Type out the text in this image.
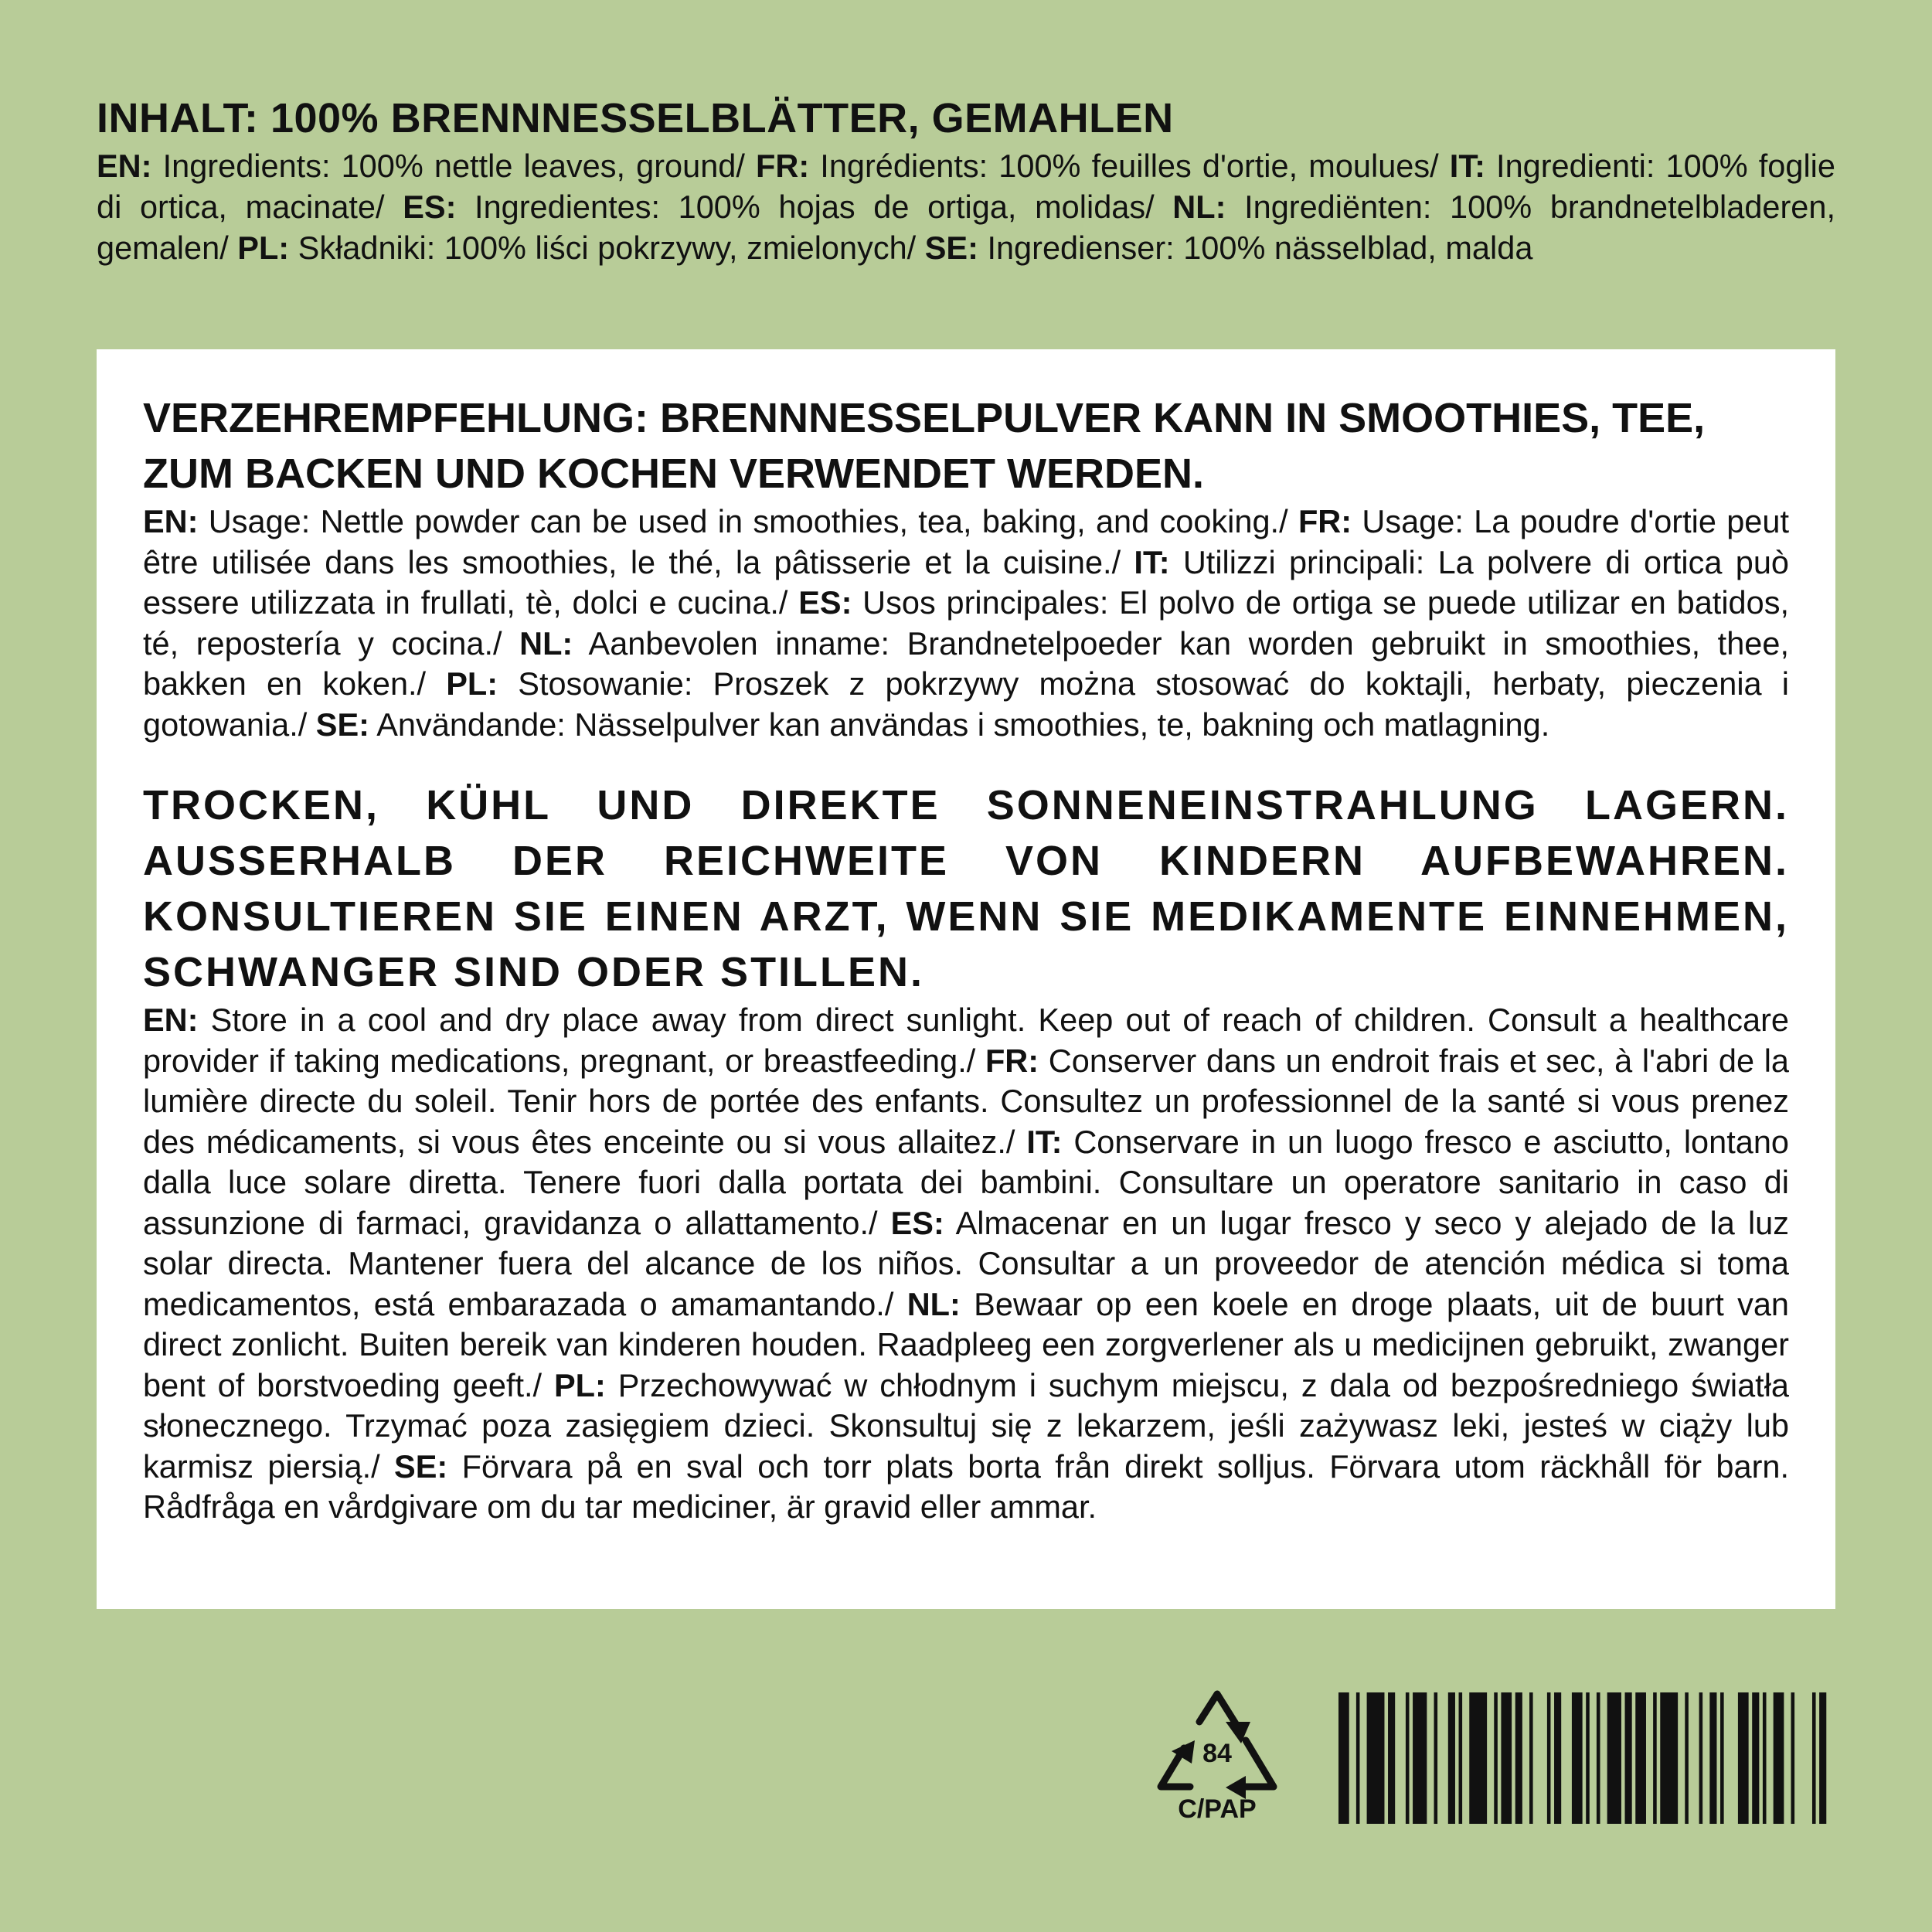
INHALT: 100% BRENNNESSELBLÄTTER, GEMAHLEN

EN: Ingredients: 100% nettle leaves, ground/ FR: Ingrédients: 100% feuilles d'ortie, moulues/ IT: Ingredienti: 100% foglie di ortica, macinate/ ES: Ingredientes: 100% hojas de ortiga, molidas/ NL: Ingrediënten: 100% brandnetelbladeren, gemalen/ PL: Składniki: 100% liści pokrzywy, zmielonych/ SE: Ingredienser: 100% nässelblad, malda

VERZEHREMPFEHLUNG: BRENNNESSELPULVER KANN IN SMOOTHIES, TEE, ZUM BACKEN UND KOCHEN VERWENDET WERDEN.

EN: Usage: Nettle powder can be used in smoothies, tea, baking, and cooking./ FR: Usage: La poudre d'ortie peut être utilisée dans les smoothies, le thé, la pâtisserie et la cuisine./ IT: Utilizzi principali: La polvere di ortica può essere utilizzata in frullati, tè, dolci e cucina./ ES: Usos principales: El polvo de ortiga se puede utilizar en batidos, té, repostería y cocina./ NL: Aanbevolen inname: Brandnetelpoeder kan worden gebruikt in smoothies, thee, bakken en koken./ PL: Stosowanie: Proszek z pokrzywy można stosować do koktajli, herbaty, pieczenia i gotowania./ SE: Användande: Nässelpulver kan användas i smoothies, te, bakning och matlagning.

TROCKEN, KÜHL UND DIREKTE SONNENEINSTRAHLUNG LAGERN. AUSSERHALB DER REICHWEITE VON KINDERN AUFBEWAHREN. KONSULTIEREN SIE EINEN ARZT, WENN SIE MEDIKAMENTE EINNEHMEN, SCHWANGER SIND ODER STILLEN.

EN: Store in a cool and dry place away from direct sunlight. Keep out of reach of children. Consult a healthcare provider if taking medications, pregnant, or breastfeeding./ FR: Conserver dans un endroit frais et sec, à l'abri de la lumière directe du soleil. Tenir hors de portée des enfants. Consultez un professionnel de la santé si vous prenez des médicaments, si vous êtes enceinte ou si vous allaitez./ IT: Conservare in un luogo fresco e asciutto, lontano dalla luce solare diretta. Tenere fuori dalla portata dei bambini. Consultare un operatore sanitario in caso di assunzione di farmaci, gravidanza o allattamento./ ES: Almacenar en un lugar fresco y seco y alejado de la luz solar directa. Mantener fuera del alcance de los niños. Consultar a un proveedor de atención médica si toma medicamentos, está embarazada o amamantando./ NL: Bewaar op een koele en droge plaats, uit de buurt van direct zonlicht. Buiten bereik van kinderen houden. Raadpleeg een zorgverlener als u medicijnen gebruikt, zwanger bent of borstvoeding geeft./ PL: Przechowywać w chłodnym i suchym miejscu, z dala od bezpośredniego światła słonecznego. Trzymać poza zasięgiem dzieci. Skonsultuj się z lekarzem, jeśli zażywasz leki, jesteś w ciąży lub karmisz piersią./ SE: Förvara på en sval och torr plats borta från direkt solljus. Förvara utom räckhåll för barn. Rådfråga en vårdgivare om du tar mediciner, är gravid eller ammar.

84
C/PAP
